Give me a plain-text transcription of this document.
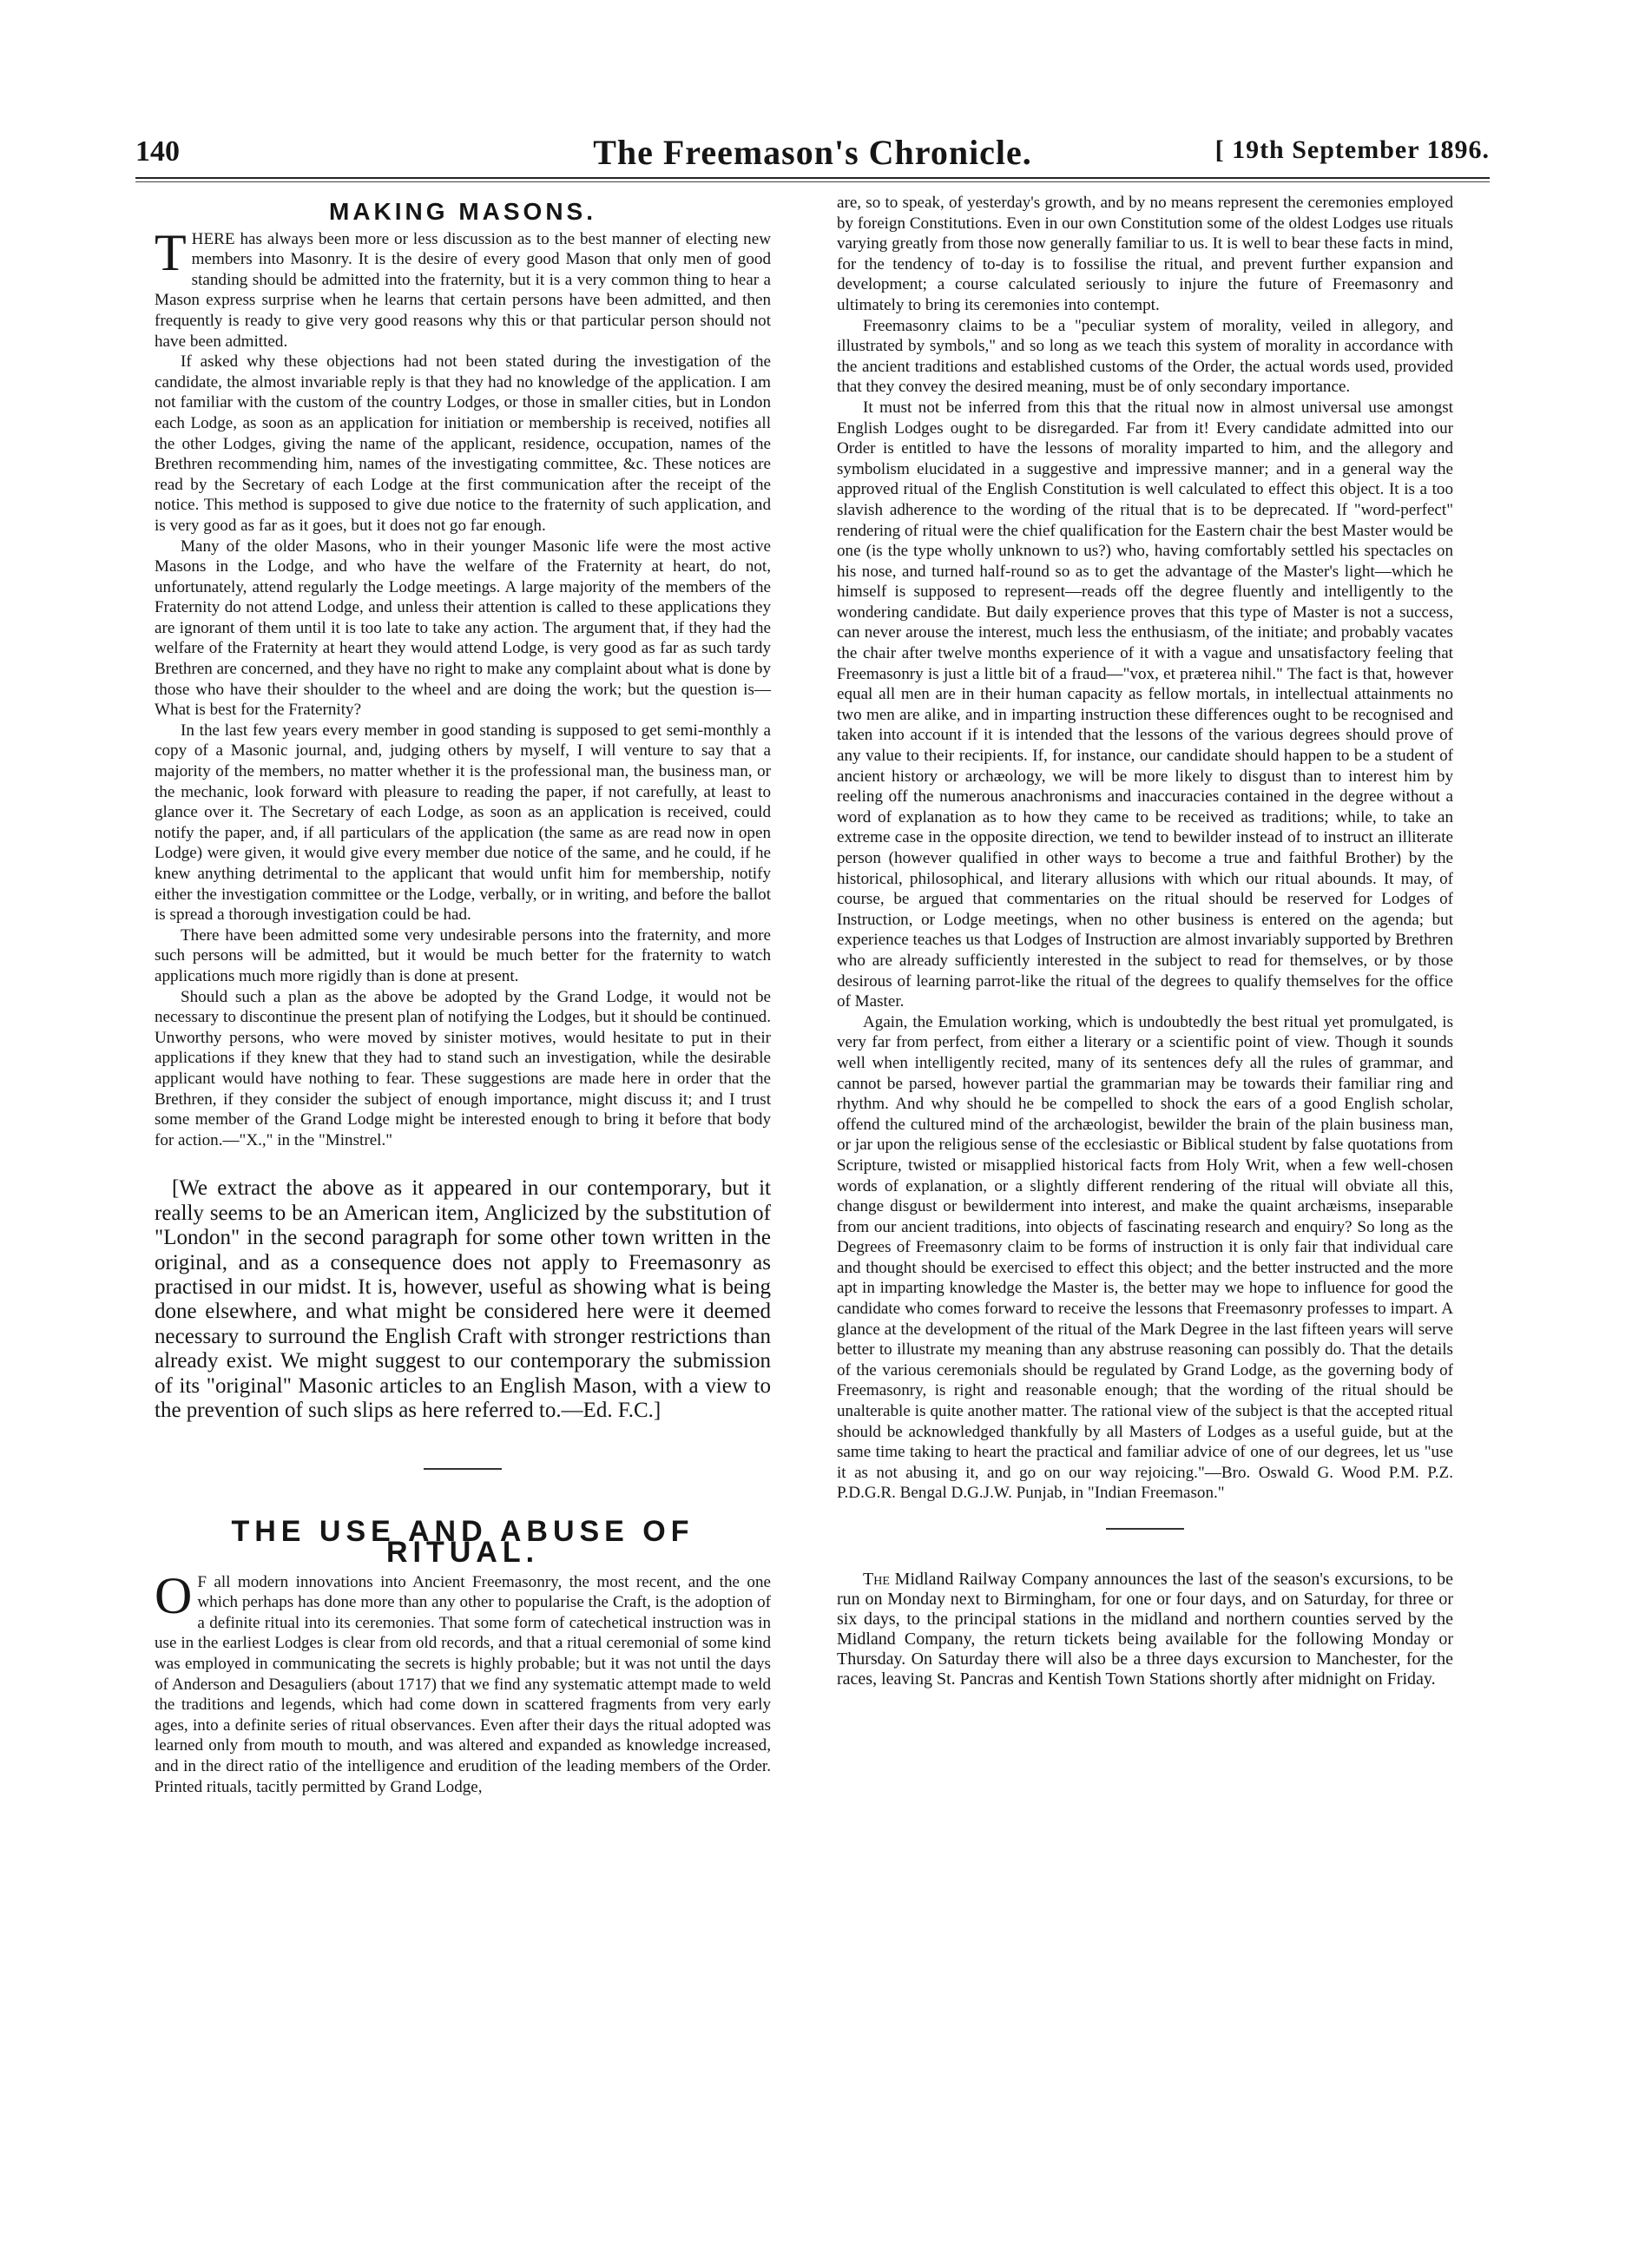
140	The Freemason's Chronicle.	[ 19th September 1896.
MAKING MASONS.

THERE has always been more or less discussion as to the best manner of electing new members into Masonry. It is the desire of every good Mason that only men of good standing should be admitted into the fraternity, but it is a very common thing to hear a Mason express surprise when he learns that certain persons have been admitted, and then frequently is ready to give very good reasons why this or that particular person should not have been admitted.

If asked why these objections had not been stated during the investigation of the candidate, the almost invariable reply is that they had no knowledge of the application. I am not familiar with the custom of the country Lodges, or those in smaller cities, but in London each Lodge, as soon as an application for initiation or membership is received, notifies all the other Lodges, giving the name of the applicant, residence, occupation, names of the Brethren recommending him, names of the investigating committee, &c. These notices are read by the Secretary of each Lodge at the first communication after the receipt of the notice. This method is supposed to give due notice to the fraternity of such application, and is very good as far as it goes, but it does not go far enough.

Many of the older Masons, who in their younger Masonic life were the most active Masons in the Lodge, and who have the welfare of the Fraternity at heart, do not, unfortunately, attend regularly the Lodge meetings. A large majority of the members of the Fraternity do not attend Lodge, and unless their attention is called to these applications they are ignorant of them until it is too late to take any action. The argument that, if they had the welfare of the Fraternity at heart they would attend Lodge, is very good as far as such tardy Brethren are concerned, and they have no right to make any complaint about what is done by those who have their shoulder to the wheel and are doing the work; but the question is—What is best for the Fraternity?

In the last few years every member in good standing is supposed to get semi-monthly a copy of a Masonic journal, and, judging others by myself, I will venture to say that a majority of the members, no matter whether it is the professional man, the business man, or the mechanic, look forward with pleasure to reading the paper, if not carefully, at least to glance over it. The Secretary of each Lodge, as soon as an application is received, could notify the paper, and, if all particulars of the application (the same as are read now in open Lodge) were given, it would give every member due notice of the same, and he could, if he knew anything detrimental to the applicant that would unfit him for membership, notify either the investigation committee or the Lodge, verbally, or in writing, and before the ballot is spread a thorough investigation could be had.

There have been admitted some very undesirable persons into the fraternity, and more such persons will be admitted, but it would be much better for the fraternity to watch applications much more rigidly than is done at present.

Should such a plan as the above be adopted by the Grand Lodge, it would not be necessary to discontinue the present plan of notifying the Lodges, but it should be continued. Unworthy persons, who were moved by sinister motives, would hesitate to put in their applications if they knew that they had to stand such an investigation, while the desirable applicant would have nothing to fear. These suggestions are made here in order that the Brethren, if they consider the subject of enough importance, might discuss it; and I trust some member of the Grand Lodge might be interested enough to bring it before that body for action.—"X.," in the "Minstrel."

[We extract the above as it appeared in our contemporary, but it really seems to be an American item, Anglicized by the substitution of "London" in the second paragraph for some other town written in the original, and as a consequence does not apply to Freemasonry as practised in our midst. It is, however, useful as showing what is being done elsewhere, and what might be considered here were it deemed necessary to surround the English Craft with stronger restrictions than already exist. We might suggest to our contemporary the submission of its "original" Masonic articles to an English Mason, with a view to the prevention of such slips as here referred to.—Ed. F.C.]

THE USE AND ABUSE OF RITUAL.

O F all modern innovations into Ancient Freemasonry, the most recent, and the one which perhaps has done more than any other to popularise the Craft, is the adoption of a definite ritual into its ceremonies. That some form of catechetical instruction was in use in the earliest Lodges is clear from old records, and that a ritual ceremonial of some kind was employed in communicating the secrets is highly probable; but it was not until the days of Anderson and Desaguliers (about 1717) that we find any systematic attempt made to weld the traditions and legends, which had come down in scattered fragments from very early ages, into a definite series of ritual observances. Even after their days the ritual adopted was learned only from mouth to mouth, and was altered and expanded as knowledge increased, and in the direct ratio of the intelligence and erudition of the leading members of the Order. Printed rituals, tacitly permitted by Grand Lodge,

are, so to speak, of yesterday's growth, and by no means represent the ceremonies employed by foreign Constitutions. Even in our own Constitution some of the oldest Lodges use rituals varying greatly from those now generally familiar to us. It is well to bear these facts in mind, for the tendency of to-day is to fossilise the ritual, and prevent further expansion and development; a course calculated seriously to injure the future of Freemasonry and ultimately to bring its ceremonies into contempt.

Freemasonry claims to be a "peculiar system of morality, veiled in allegory, and illustrated by symbols," and so long as we teach this system of morality in accordance with the ancient traditions and established customs of the Order, the actual words used, provided that they convey the desired meaning, must be of only secondary importance.

It must not be inferred from this that the ritual now in almost universal use amongst English Lodges ought to be disregarded. Far from it! Every candidate admitted into our Order is entitled to have the lessons of morality imparted to him, and the allegory and symbolism elucidated in a suggestive and impressive manner; and in a general way the approved ritual of the English Constitution is well calculated to effect this object. It is a too slavish adherence to the wording of the ritual that is to be deprecated. If "word-perfect" rendering of ritual were the chief qualification for the Eastern chair the best Master would be one (is the type wholly unknown to us?) who, having comfortably settled his spectacles on his nose, and turned half-round so as to get the advantage of the Master's light—which he himself is supposed to represent—reads off the degree fluently and intelligently to the wondering candidate. But daily experience proves that this type of Master is not a success, can never arouse the interest, much less the enthusiasm, of the initiate; and probably vacates the chair after twelve months experience of it with a vague and unsatisfactory feeling that Freemasonry is just a little bit of a fraud—"vox, et prætereа nihil." The fact is that, however equal all men are in their human capacity as fellow mortals, in intellectual attainments no two men are alike, and in imparting instruction these differences ought to be recognised and taken into account if it is intended that the lessons of the various degrees should prove of any value to their recipients. If, for instance, our candidate should happen to be a student of ancient history or archæology, we will be more likely to disgust than to interest him by reeling off the numerous anachronisms and inaccuracies contained in the degree without a word of explanation as to how they came to be received as traditions; while, to take an extreme case in the opposite direction, we tend to bewilder instead of to instruct an illiterate person (however qualified in other ways to become a true and faithful Brother) by the historical, philosophical, and literary allusions with which our ritual abounds. It may, of course, be argued that commentaries on the ritual should be reserved for Lodges of Instruction, or Lodge meetings, when no other business is entered on the agenda; but experience teaches us that Lodges of Instruction are almost invariably supported by Brethren who are already sufficiently interested in the subject to read for themselves, or by those desirous of learning parrot-like the ritual of the degrees to qualify themselves for the office of Master.

Again, the Emulation working, which is undoubtedly the best ritual yet promulgated, is very far from perfect, from either a literary or a scientific point of view. Though it sounds well when intelligently recited, many of its sentences defy all the rules of grammar, and cannot be parsed, however partial the grammarian may be towards their familiar ring and rhythm. And why should he be compelled to shock the ears of a good English scholar, offend the cultured mind of the archæologist, bewilder the brain of the plain business man, or jar upon the religious sense of the ecclesiastic or Biblical student by false quotations from Scripture, twisted or misapplied historical facts from Holy Writ, when a few well-chosen words of explanation, or a slightly different rendering of the ritual will obviate all this, change disgust or bewilderment into interest, and make the quaint archæisms, inseparable from our ancient traditions, into objects of fascinating research and enquiry? So long as the Degrees of Freemasonry claim to be forms of instruction it is only fair that individual care and thought should be exercised to effect this object; and the better instructed and the more apt in imparting knowledge the Master is, the better may we hope to influence for good the candidate who comes forward to receive the lessons that Freemasonry professes to impart. A glance at the development of the ritual of the Mark Degree in the last fifteen years will serve better to illustrate my meaning than any abstruse reasoning can possibly do. That the details of the various ceremonials should be regulated by Grand Lodge, as the governing body of Freemasonry, is right and reasonable enough; that the wording of the ritual should be unalterable is quite another matter. The rational view of the subject is that the accepted ritual should be acknowledged thankfully by all Masters of Lodges as a useful guide, but at the same time taking to heart the practical and familiar advice of one of our degrees, let us "use it as not abusing it, and go on our way rejoicing."—Bro. Oswald G. Wood P.M. P.Z. P.D.G.R. Bengal D.G.J.W. Punjab, in "Indian Freemason."

The Midland Railway Company announces the last of the season's excursions, to be run on Monday next to Birmingham, for one or four days, and on Saturday, for three or six days, to the principal stations in the midland and northern counties served by the Midland Company, the return tickets being available for the following Monday or Thursday. On Saturday there will also be a three days excursion to Manchester, for the races, leaving St. Pancras and Kentish Town Stations shortly after midnight on Friday.
